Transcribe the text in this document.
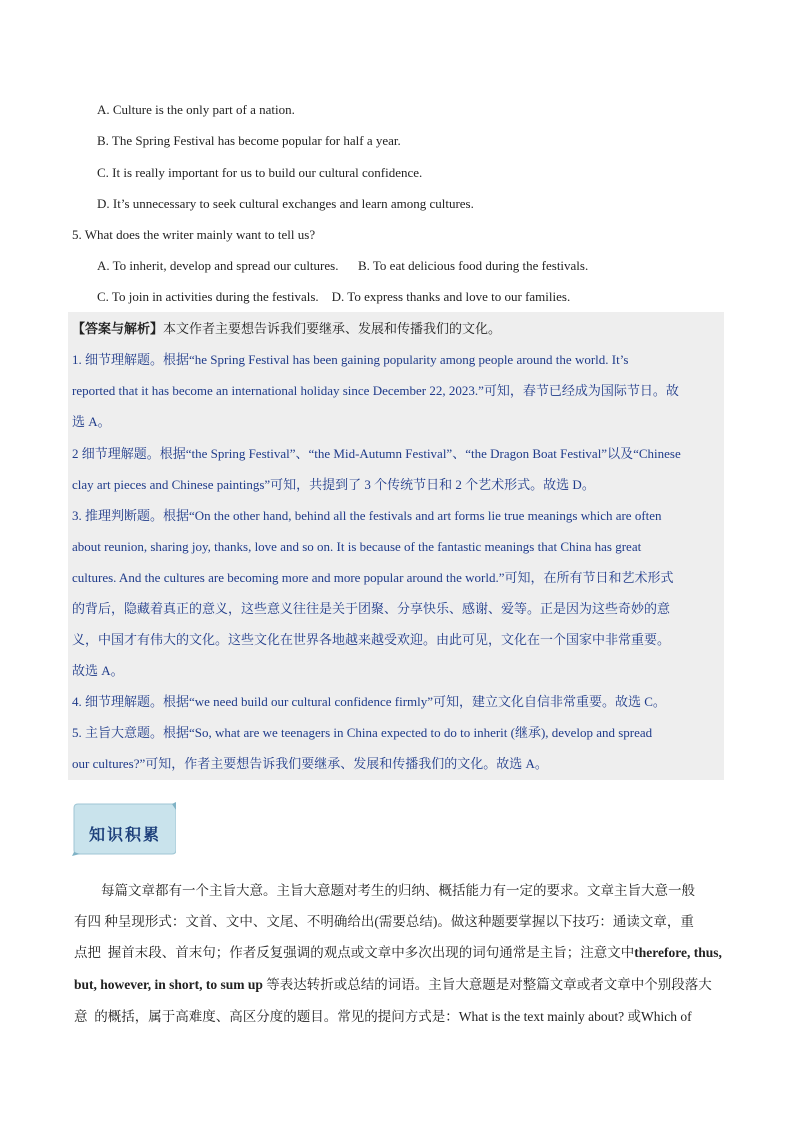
A. Culture is the only part of a nation.
B. The Spring Festival has become popular for half a year.
C. It is really important for us to build our cultural confidence.
D. It’s unnecessary to seek cultural exchanges and learn among cultures.
5. What does the writer mainly want to tell us?
A. To inherit, develop and spread our cultures.      B. To eat delicious food during the festivals.
C. To join in activities during the festivals.    D. To express thanks and love to our families.
【答案与解析】本文作者主要想告诉我们要继承、发展和传播我们的文化。
1. 细节理解题。根据“he Spring Festival has been gaining popularity among people around the world. It’s
reported that it has become an international holiday since December 22, 2023.”可知，春节已经成为国际节日。故
选 A。
2 细节理解题。根据“the Spring Festival”、“the Mid-Autumn Festival”、“the Dragon Boat Festival”以及“Chinese
clay art pieces and Chinese paintings”可知，共提到了 3 个传统节日和 2 个艺术形式。故选 D。
3. 推理判断题。根据“On the other hand, behind all the festivals and art forms lie true meanings which are often
about reunion, sharing joy, thanks, love and so on. It is because of the fantastic meanings that China has great
cultures. And the cultures are becoming more and more popular around the world.”可知，在所有节日和艺术形式
的背后，隐藏着真正的意义，这些意义往往是关于团聚、分享快乐、感谢、爱等。正是因为这些奇妙的意
义，中国才有伟大的文化。这些文化在世界各地越来越受欢迎。由此可见，文化在一个国家中非常重要。
故选 A。
4. 细节理解题。根据“we need build our cultural confidence firmly”可知，建立文化自信非常重要。故选 C。
5. 主旨大意题。根据“So, what are we teenagers in China expected to do to inherit (继承), develop and spread
our cultures?”可知，作者主要想告诉我们要继承、发展和传播我们的文化。故选 A。
知识积累
每篇文章都有一个主旨大意。主旨大意题对考生的归纳、概括能力有一定的要求。文章主旨大意一般
有四 种呈现形式：文首、文中、文尾、不明确给出(需要总结)。做这种题要掌握以下技巧：通读文章，重
点把  握首末段、首末句；作者反复强调的观点或文章中多次出现的词句通常是主旨；注意文中therefore, thus,
but, however, in short, to sum up 等表达转折或总结的词语。主旨大意题是对整篇文章或者文章中个别段落大
意  的概括，属于高难度、高区分度的题目。常见的提问方式是：What is the text mainly about? 或Which of
